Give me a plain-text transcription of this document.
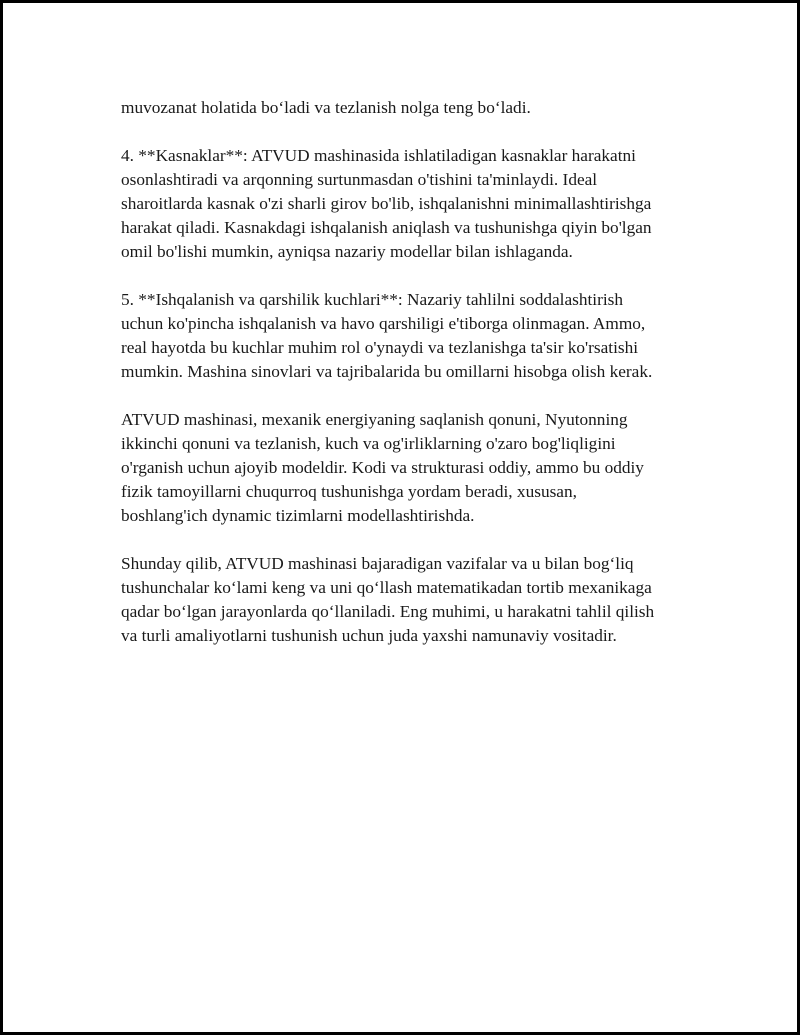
muvozanat holatida bo‘ladi va tezlanish nolga teng bo‘ladi.

4. **Kasnaklar**: ATVUD mashinasida ishlatiladigan kasnaklar harakatni
osonlashtiradi va arqonning surtunmasdan o'tishini ta'minlaydi. Ideal
sharoitlarda kasnak o'zi sharli girov bo'lib, ishqalanishni minimallashtirishga
harakat qiladi. Kasnakdagi ishqalanish aniqlash va tushunishga qiyin bo'lgan
omil bo'lishi mumkin, ayniqsa nazariy modellar bilan ishlaganda.

5. **Ishqalanish va qarshilik kuchlari**: Nazariy tahlilni soddalashtirish
uchun ko'pincha ishqalanish va havo qarshiligi e'tiborga olinmagan. Ammo,
real hayotda bu kuchlar muhim rol o'ynaydi va tezlanishga ta'sir ko'rsatishi
mumkin. Mashina sinovlari va tajribalarida bu omillarni hisobga olish kerak.

ATVUD mashinasi, mexanik energiyaning saqlanish qonuni, Nyutonning
ikkinchi qonuni va tezlanish, kuch va og'irliklarning o'zaro bog'liqligini
o'rganish uchun ajoyib modeldir. Kodi va strukturasi oddiy, ammo bu oddiy
fizik tamoyillarni chuqurroq tushunishga yordam beradi, xususan,
boshlang'ich dynamic tizimlarni modellashtirishda.

Shunday qilib, ATVUD mashinasi bajaradigan vazifalar va u bilan bog‘liq
tushunchalar ko‘lami keng va uni qo‘llash matematikadan tortib mexanikaga
qadar bo‘lgan jarayonlarda qo‘llaniladi. Eng muhimi, u harakatni tahlil qilish
va turli amaliyotlarni tushunish uchun juda yaxshi namunaviy vositadir.
